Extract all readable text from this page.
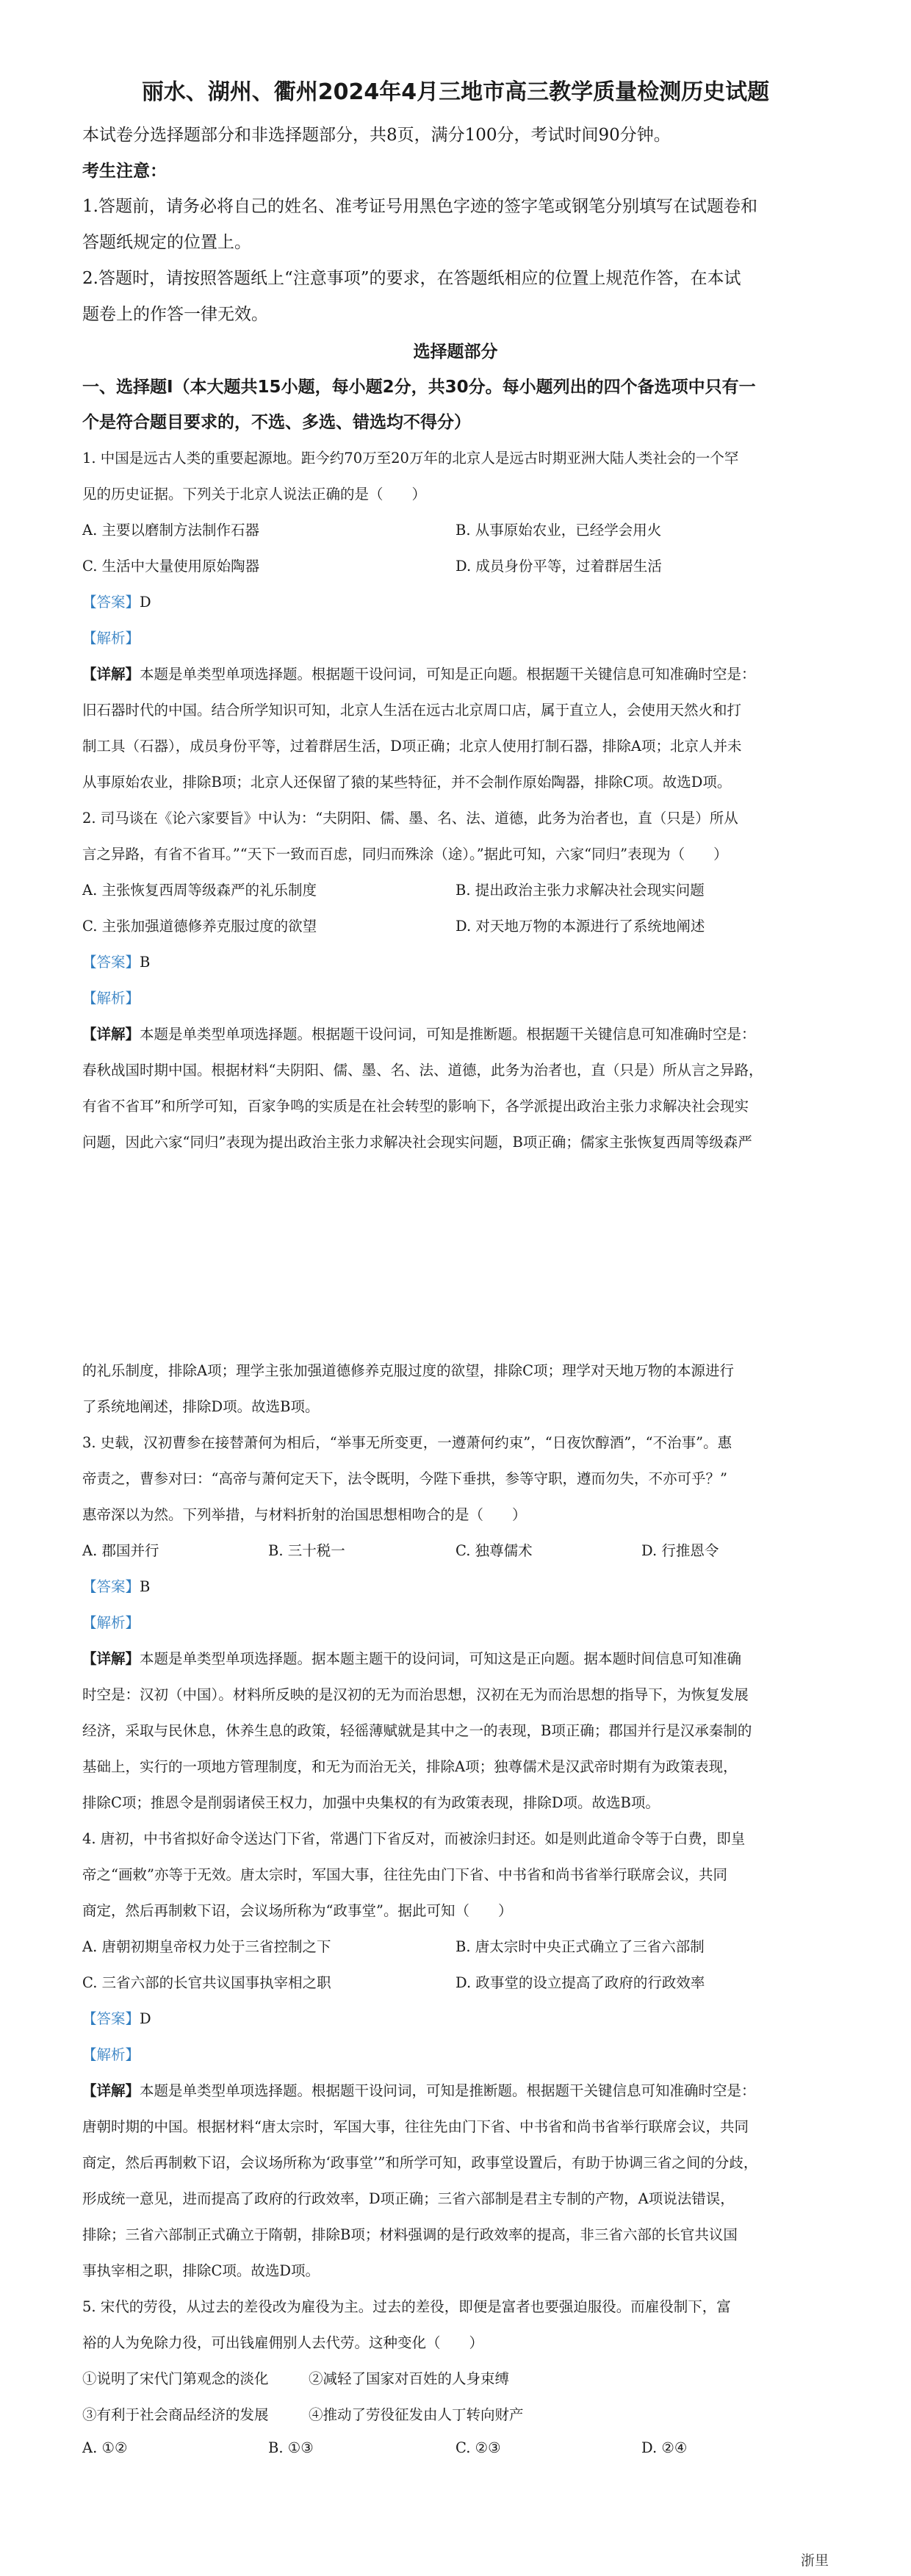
丽水、湖州、衢州2024年4月三地市高三教学质量检测历史试题
本试卷分选择题部分和非选择题部分，共8页，满分100分，考试时间90分钟。
考生注意：
1.答题前，请务必将自己的姓名、准考证号用黑色字迹的签字笔或钢笔分别填写在试题卷和
答题纸规定的位置上。
2.答题时，请按照答题纸上“注意事项”的要求，在答题纸相应的位置上规范作答，在本试
题卷上的作答一律无效。
选择题部分
一、选择题Ⅰ（本大题共15小题，每小题2分，共30分。每小题列出的四个备选项中只有一
个是符合题目要求的，不选、多选、错选均不得分）
1. 中国是远古人类的重要起源地。距今约70万至20万年的北京人是远古时期亚洲大陆人类社会的一个罕
见的历史证据。下列关于北京人说法正确的是（　　）
A. 主要以磨制方法制作石器	B. 从事原始农业，已经学会用火
C. 生活中大量使用原始陶器	D. 成员身份平等，过着群居生活
【答案】D
【解析】
【详解】本题是单类型单项选择题。根据题干设问词，可知是正向题。根据题干关键信息可知准确时空是：
旧石器时代的中国。结合所学知识可知，北京人生活在远古北京周口店，属于直立人，会使用天然火和打
制工具（石器），成员身份平等，过着群居生活，D项正确；北京人使用打制石器，排除A项；北京人并未
从事原始农业，排除B项；北京人还保留了猿的某些特征，并不会制作原始陶器，排除C项。故选D项。
2. 司马谈在《论六家要旨》中认为：“夫阴阳、儒、墨、名、法、道德，此务为治者也，直（只是）所从
言之异路，有省不省耳。”“天下一致而百虑，同归而殊涂（途）。”据此可知，六家“同归”表现为（　　）
A. 主张恢复西周等级森严的礼乐制度	B. 提出政治主张力求解决社会现实问题
C. 主张加强道德修养克服过度的欲望	D. 对天地万物的本源进行了系统地阐述
【答案】B
【解析】
【详解】本题是单类型单项选择题。根据题干设问词，可知是推断题。根据题干关键信息可知准确时空是：
春秋战国时期中国。根据材料“夫阴阳、儒、墨、名、法、道德，此务为治者也，直（只是）所从言之异路，
有省不省耳”和所学可知，百家争鸣的实质是在社会转型的影响下，各学派提出政治主张力求解决社会现实
问题，因此六家“同归”表现为提出政治主张力求解决社会现实问题，B项正确；儒家主张恢复西周等级森严
的礼乐制度，排除A项；理学主张加强道德修养克服过度的欲望，排除C项；理学对天地万物的本源进行
了系统地阐述，排除D项。故选B项。
3. 史载，汉初曹参在接替萧何为相后，“举事无所变更，一遵萧何约束”，“日夜饮醇酒”，“不治事”。惠
帝责之，曹参对曰：“高帝与萧何定天下，法令既明，今陛下垂拱，参等守职，遵而勿失，不亦可乎？”
惠帝深以为然。下列举措，与材料折射的治国思想相吻合的是（　　）
A. 郡国并行	B. 三十税一	C. 独尊儒术	D. 行推恩令
【答案】B
【解析】
【详解】本题是单类型单项选择题。据本题主题干的设问词，可知这是正向题。据本题时间信息可知准确
时空是：汉初（中国）。材料所反映的是汉初的无为而治思想，汉初在无为而治思想的指导下，为恢复发展
经济，采取与民休息，休养生息的政策，轻徭薄赋就是其中之一的表现，B项正确；郡国并行是汉承秦制的
基础上，实行的一项地方管理制度，和无为而治无关，排除A项；独尊儒术是汉武帝时期有为政策表现，
排除C项；推恩令是削弱诸侯王权力，加强中央集权的有为政策表现，排除D项。故选B项。
4. 唐初，中书省拟好命令送达门下省，常遇门下省反对，而被涂归封还。如是则此道命令等于白费，即皇
帝之“画敕”亦等于无效。唐太宗时，军国大事，往往先由门下省、中书省和尚书省举行联席会议，共同
商定，然后再制敕下诏，会议场所称为“政事堂”。据此可知（　　）
A. 唐朝初期皇帝权力处于三省控制之下	B. 唐太宗时中央正式确立了三省六部制
C. 三省六部的长官共议国事执宰相之职	D. 政事堂的设立提高了政府的行政效率
【答案】D
【解析】
【详解】本题是单类型单项选择题。根据题干设问词，可知是推断题。根据题干关键信息可知准确时空是：
唐朝时期的中国。根据材料“唐太宗时，军国大事，往往先由门下省、中书省和尚书省举行联席会议，共同
商定，然后再制敕下诏，会议场所称为‘政事堂’”和所学可知，政事堂设置后，有助于协调三省之间的分歧，
形成统一意见，进而提高了政府的行政效率，D项正确；三省六部制是君主专制的产物，A项说法错误，
排除；三省六部制正式确立于隋朝，排除B项；材料强调的是行政效率的提高，非三省六部的长官共议国
事执宰相之职，排除C项。故选D项。
5. 宋代的劳役，从过去的差役改为雇役为主。过去的差役，即便是富者也要强迫服役。而雇役制下，富
裕的人为免除力役，可出钱雇佣别人去代劳。这种变化（　　）
①说明了宋代门第观念的淡化	②减轻了国家对百姓的人身束缚
③有利于社会商品经济的发展	④推动了劳役征发由人丁转向财产
A. ①②	B. ①③	C. ②③	D. ②④
浙里
